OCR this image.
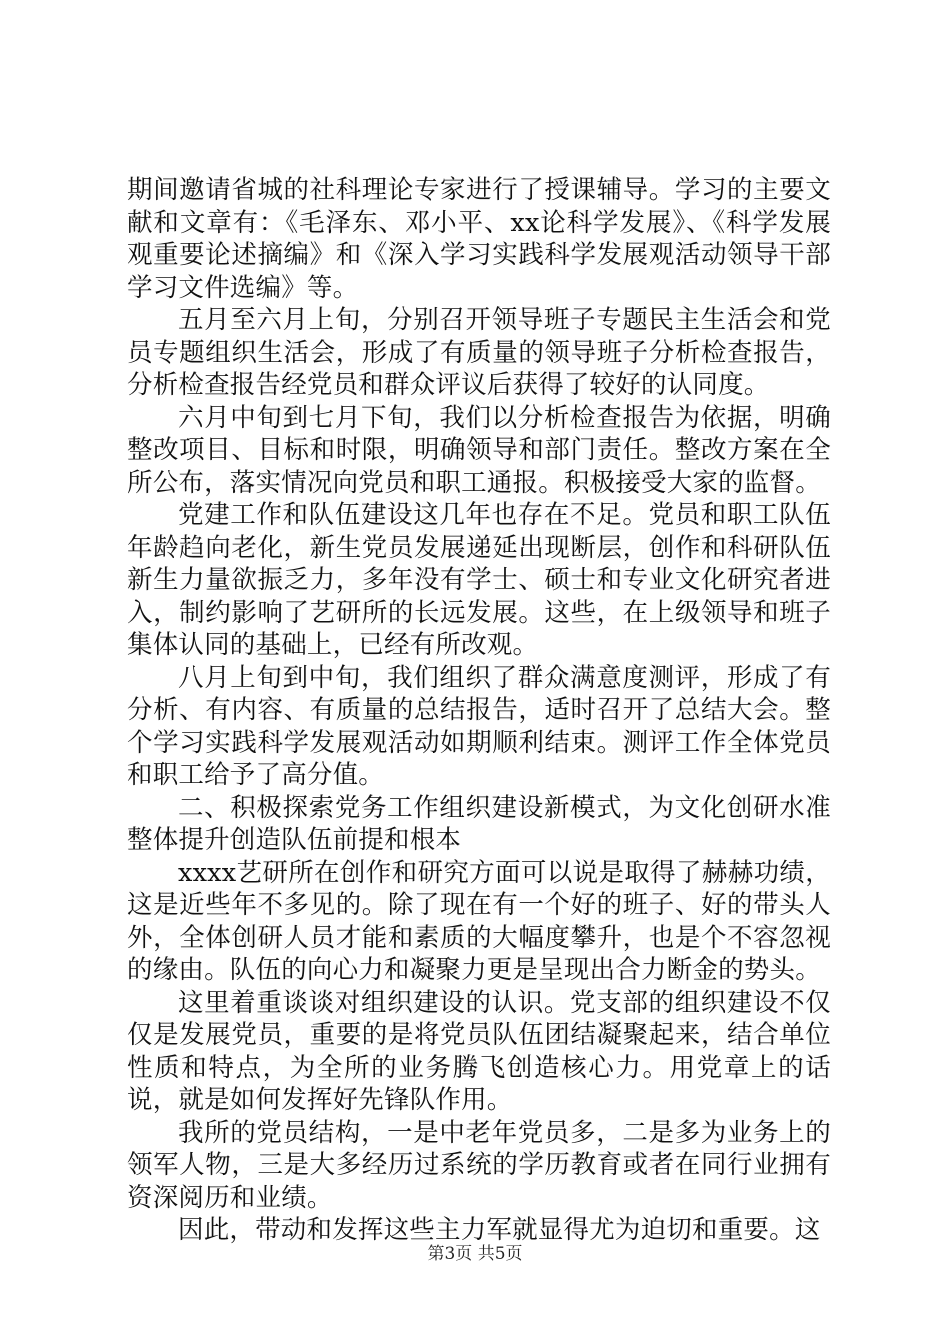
期间邀请省城的社科理论专家进行了授课辅导。学习的主要文献和文章有：《毛泽东、邓小平、xx论科学发展》、《科学发展观重要论述摘编》和《深入学习实践科学发展观活动领导干部学习文件选编》等。

五月至六月上旬，分别召开领导班子专题民主生活会和党员专题组织生活会，形成了有质量的领导班子分析检查报告，分析检查报告经党员和群众评议后获得了较好的认同度。

六月中旬到七月下旬，我们以分析检查报告为依据，明确整改项目、目标和时限，明确领导和部门责任。整改方案在全所公布，落实情况向党员和职工通报。积极接受大家的监督。

党建工作和队伍建设这几年也存在不足。党员和职工队伍年龄趋向老化，新生党员发展递延出现断层，创作和科研队伍新生力量欲振乏力，多年没有学士、硕士和专业文化研究者进入，制约影响了艺研所的长远发展。这些，在上级领导和班子集体认同的基础上，已经有所改观。

八月上旬到中旬，我们组织了群众满意度测评，形成了有分析、有内容、有质量的总结报告，适时召开了总结大会。整个学习实践科学发展观活动如期顺利结束。测评工作全体党员和职工给予了高分值。

二、积极探索党务工作组织建设新模式，为文化创研水准整体提升创造队伍前提和根本

xxxx艺研所在创作和研究方面可以说是取得了赫赫功绩，这是近些年不多见的。除了现在有一个好的班子、好的带头人外，全体创研人员才能和素质的大幅度攀升，也是个不容忽视的缘由。队伍的向心力和凝聚力更是呈现出合力断金的势头。

这里着重谈谈对组织建设的认识。党支部的组织建设不仅仅是发展党员，重要的是将党员队伍团结凝聚起来，结合单位性质和特点，为全所的业务腾飞创造核心力。用党章上的话说，就是如何发挥好先锋队作用。

我所的党员结构，一是中老年党员多，二是多为业务上的领军人物，三是大多经历过系统的学历教育或者在同行业拥有资深阅历和业绩。

因此，带动和发挥这些主力军就显得尤为迫切和重要。这

第3页 共5页
